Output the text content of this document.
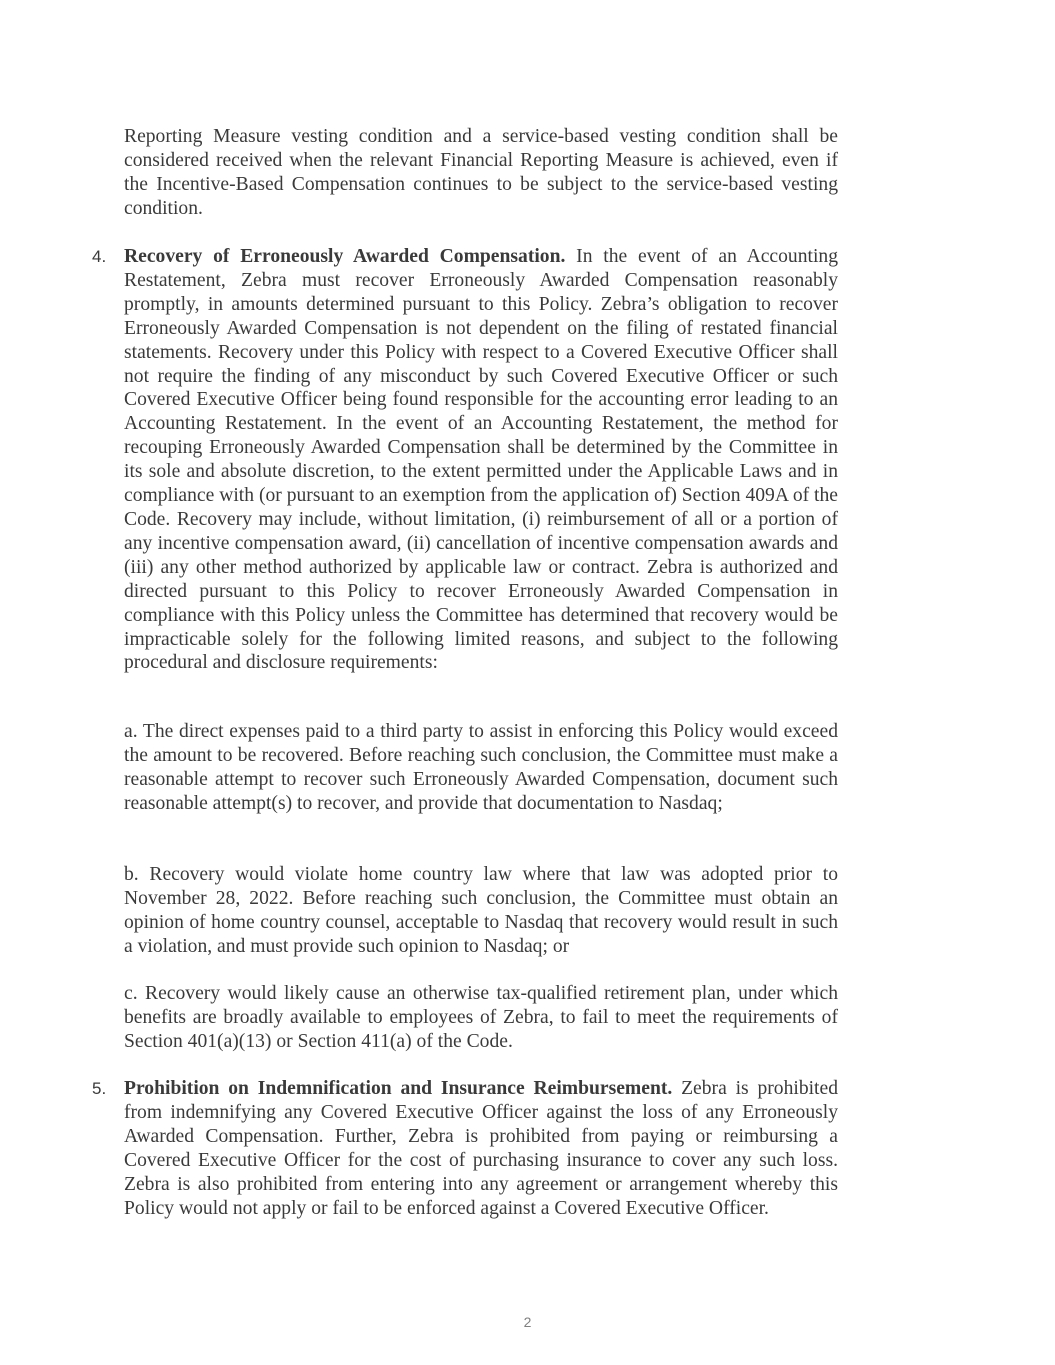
Reporting Measure vesting condition and a service-based vesting condition shall be considered received when the relevant Financial Reporting Measure is achieved, even if the Incentive-Based Compensation continues to be subject to the service-based vesting condition.

4. Recovery of Erroneously Awarded Compensation. In the event of an Accounting Restatement, Zebra must recover Erroneously Awarded Compensation reasonably promptly, in amounts determined pursuant to this Policy. Zebra’s obligation to recover Erroneously Awarded Compensation is not dependent on the filing of restated financial statements. Recovery under this Policy with respect to a Covered Executive Officer shall not require the finding of any misconduct by such Covered Executive Officer or such Covered Executive Officer being found responsible for the accounting error leading to an Accounting Restatement. In the event of an Accounting Restatement, the method for recouping Erroneously Awarded Compensation shall be determined by the Committee in its sole and absolute discretion, to the extent permitted under the Applicable Laws and in compliance with (or pursuant to an exemption from the application of) Section 409A of the Code. Recovery may include, without limitation, (i) reimbursement of all or a portion of any incentive compensation award, (ii) cancellation of incentive compensation awards and (iii) any other method authorized by applicable law or contract. Zebra is authorized and directed pursuant to this Policy to recover Erroneously Awarded Compensation in compliance with this Policy unless the Committee has determined that recovery would be impracticable solely for the following limited reasons, and subject to the following procedural and disclosure requirements:

a. The direct expenses paid to a third party to assist in enforcing this Policy would exceed the amount to be recovered. Before reaching such conclusion, the Committee must make a reasonable attempt to recover such Erroneously Awarded Compensation, document such reasonable attempt(s) to recover, and provide that documentation to Nasdaq;

b. Recovery would violate home country law where that law was adopted prior to November 28, 2022. Before reaching such conclusion, the Committee must obtain an opinion of home country counsel, acceptable to Nasdaq that recovery would result in such a violation, and must provide such opinion to Nasdaq; or

c. Recovery would likely cause an otherwise tax-qualified retirement plan, under which benefits are broadly available to employees of Zebra, to fail to meet the requirements of Section 401(a)(13) or Section 411(a) of the Code.

5. Prohibition on Indemnification and Insurance Reimbursement. Zebra is prohibited from indemnifying any Covered Executive Officer against the loss of any Erroneously Awarded Compensation. Further, Zebra is prohibited from paying or reimbursing a Covered Executive Officer for the cost of purchasing insurance to cover any such loss. Zebra is also prohibited from entering into any agreement or arrangement whereby this Policy would not apply or fail to be enforced against a Covered Executive Officer.

2
